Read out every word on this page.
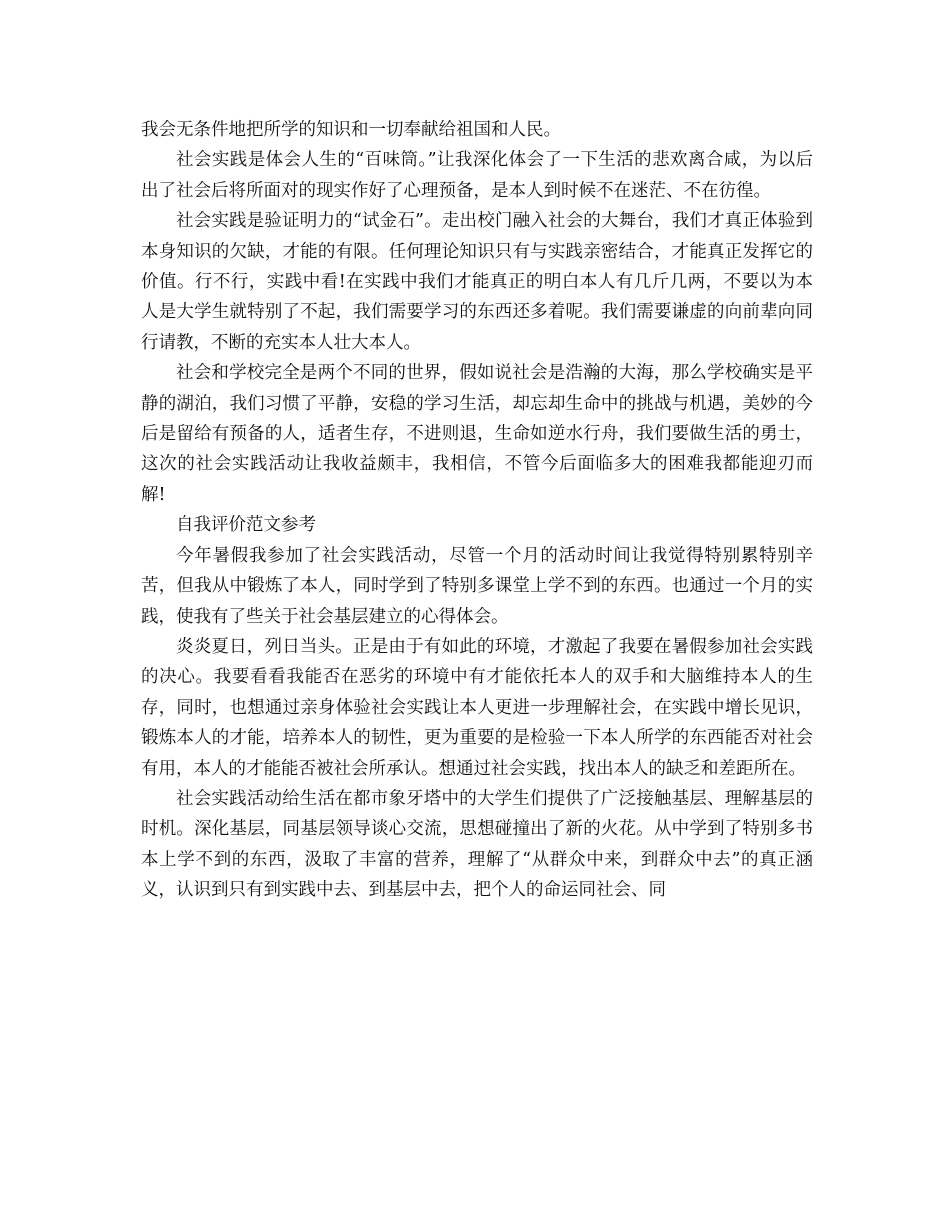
我会无条件地把所学的知识和一切奉献给祖国和人民。

社会实践是体会人生的“百味筒。”让我深化体会了一下生活的悲欢离合咸，为以后出了社会后将所面对的现实作好了心理预备，是本人到时候不在迷茫、不在彷徨。

社会实践是验证明力的“试金石”。走出校门融入社会的大舞台，我们才真正体验到本身知识的欠缺，才能的有限。任何理论知识只有与实践亲密结合，才能真正发挥它的价值。行不行，实践中看!在实践中我们才能真正的明白本人有几斤几两，不要以为本人是大学生就特别了不起，我们需要学习的东西还多着呢。我们需要谦虚的向前辈向同行请教，不断的充实本人壮大本人。

社会和学校完全是两个不同的世界，假如说社会是浩瀚的大海，那么学校确实是平静的湖泊，我们习惯了平静，安稳的学习生活，却忘却生命中的挑战与机遇，美妙的今后是留给有预备的人，适者生存，不进则退，生命如逆水行舟，我们要做生活的勇士，这次的社会实践活动让我收益颇丰，我相信，不管今后面临多大的困难我都能迎刃而解!

自我评价范文参考

今年暑假我参加了社会实践活动，尽管一个月的活动时间让我觉得特别累特别辛苦，但我从中锻炼了本人，同时学到了特别多课堂上学不到的东西。也通过一个月的实践，使我有了些关于社会基层建立的心得体会。

炎炎夏日，列日当头。正是由于有如此的环境，才激起了我要在暑假参加社会实践的决心。我要看看我能否在恶劣的环境中有才能依托本人的双手和大脑维持本人的生存，同时，也想通过亲身体验社会实践让本人更进一步理解社会，在实践中增长见识，锻炼本人的才能，培养本人的韧性，更为重要的是检验一下本人所学的东西能否对社会有用，本人的才能能否被社会所承认。想通过社会实践，找出本人的缺乏和差距所在。

社会实践活动给生活在都市象牙塔中的大学生们提供了广泛接触基层、理解基层的时机。深化基层，同基层领导谈心交流，思想碰撞出了新的火花。从中学到了特别多书本上学不到的东西，汲取了丰富的营养，理解了“从群众中来，到群众中去”的真正涵义，认识到只有到实践中去、到基层中去，把个人的命运同社会、同
